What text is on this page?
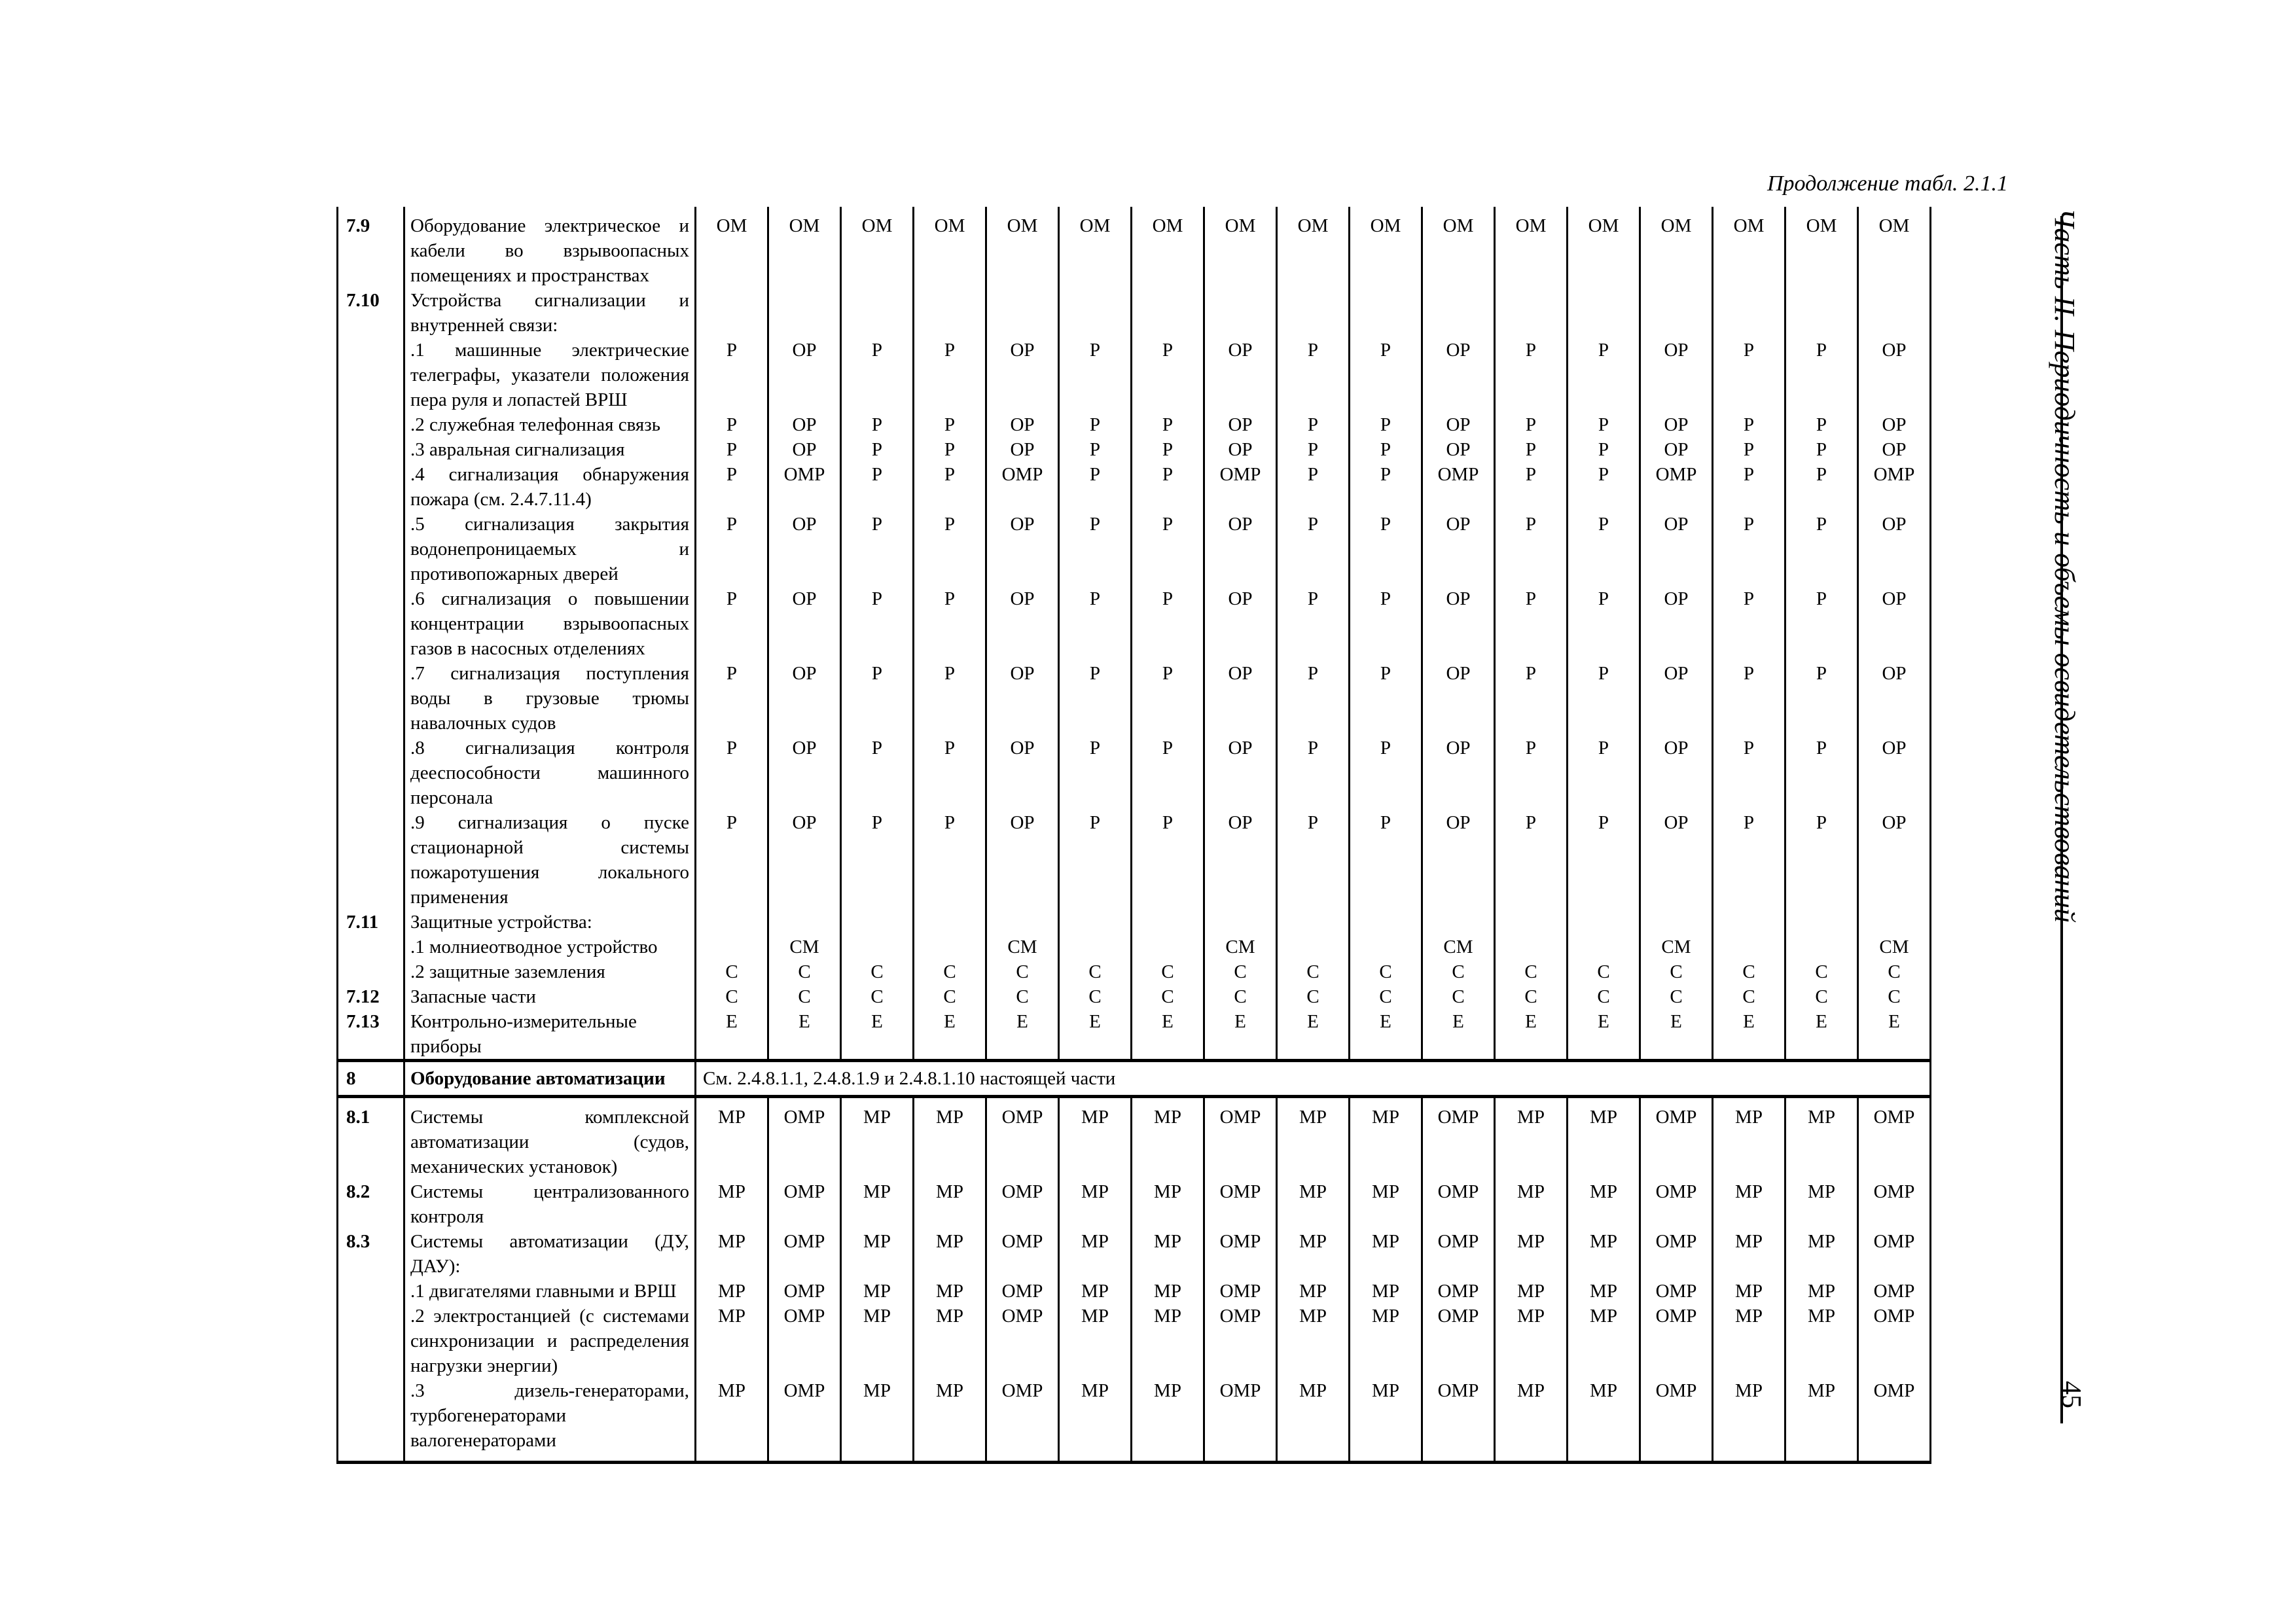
Продолжение табл. 2.1.1
7.9	Оборудование электрическое и кабели во взрывоопасных помещениях и пространствах	ОМ	ОМ	ОМ	ОМ	ОМ	ОМ	ОМ	ОМ	ОМ	ОМ	ОМ	ОМ	ОМ	ОМ	ОМ	ОМ	ОМ
7.10	Устройства сигнализации и внутренней связи:																	
	.1 машинные электрические телеграфы, указатели положения пера руля и лопастей ВРШ	Р	ОР	Р	Р	ОР	Р	Р	ОР	Р	Р	ОР	Р	Р	ОР	Р	Р	ОР
	.2 служебная телефонная связь	Р	ОР	Р	Р	ОР	Р	Р	ОР	Р	Р	ОР	Р	Р	ОР	Р	Р	ОР
	.3 авральная сигнализация	Р	ОР	Р	Р	ОР	Р	Р	ОР	Р	Р	ОР	Р	Р	ОР	Р	Р	ОР
	.4 сигнализация обнаружения пожара (см. 2.4.7.11.4)	Р	ОМР	Р	Р	ОМР	Р	Р	ОМР	Р	Р	ОМР	Р	Р	ОМР	Р	Р	ОМР
	.5 сигнализация закрытия водонепроницаемых и противопожарных дверей	Р	ОР	Р	Р	ОР	Р	Р	ОР	Р	Р	ОР	Р	Р	ОР	Р	Р	ОР
	.6 сигнализация о повышении концентрации взрывоопасных газов в насосных отделениях	Р	ОР	Р	Р	ОР	Р	Р	ОР	Р	Р	ОР	Р	Р	ОР	Р	Р	ОР
	.7 сигнализация поступления воды в грузовые трюмы навалочных судов	Р	ОР	Р	Р	ОР	Р	Р	ОР	Р	Р	ОР	Р	Р	ОР	Р	Р	ОР
	.8 сигнализация контроля дееспособности машинного персонала	Р	ОР	Р	Р	ОР	Р	Р	ОР	Р	Р	ОР	Р	Р	ОР	Р	Р	ОР
	.9 сигнализация о пуске стационарной системы пожаротушения локального применения	Р	ОР	Р	Р	ОР	Р	Р	ОР	Р	Р	ОР	Р	Р	ОР	Р	Р	ОР
7.11	Защитные устройства:																	
	.1 молниеотводное устройство		СМ			СМ			СМ			СМ			СМ			СМ
	.2 защитные заземления	С	С	С	С	С	С	С	С	С	С	С	С	С	С	С	С	С
7.12	Запасные части	С	С	С	С	С	С	С	С	С	С	С	С	С	С	С	С	С
7.13	Контрольно-измерительные приборы	Е	Е	Е	Е	Е	Е	Е	Е	Е	Е	Е	Е	Е	Е	Е	Е	Е
8	Оборудование автоматизации	См. 2.4.8.1.1, 2.4.8.1.9 и 2.4.8.1.10 настоящей части																
8.1	Системы комплексной автоматизации (судов, механических установок)	МР	ОМР	МР	МР	ОМР	МР	МР	ОМР	МР	МР	ОМР	МР	МР	ОМР	МР	МР	ОМР
8.2	Системы централизованного контроля	МР	ОМР	МР	МР	ОМР	МР	МР	ОМР	МР	МР	ОМР	МР	МР	ОМР	МР	МР	ОМР
8.3	Системы автоматизации (ДУ, ДАУ):	МР	ОМР	МР	МР	ОМР	МР	МР	ОМР	МР	МР	ОМР	МР	МР	ОМР	МР	МР	ОМР
	.1 двигателями главными и ВРШ	МР	ОМР	МР	МР	ОМР	МР	МР	ОМР	МР	МР	ОМР	МР	МР	ОМР	МР	МР	ОМР
	.2 электростанцией (с системами синхронизации и распределения нагрузки энергии)	МР	ОМР	МР	МР	ОМР	МР	МР	ОМР	МР	МР	ОМР	МР	МР	ОМР	МР	МР	ОМР
	.3 дизель-генераторами, турбогенераторами валогенераторами	МР	ОМР	МР	МР	ОМР	МР	МР	ОМР	МР	МР	ОМР	МР	МР	ОМР	МР	МР	ОМР
Часть II. Периодичность и объемы освидетельствований
45
